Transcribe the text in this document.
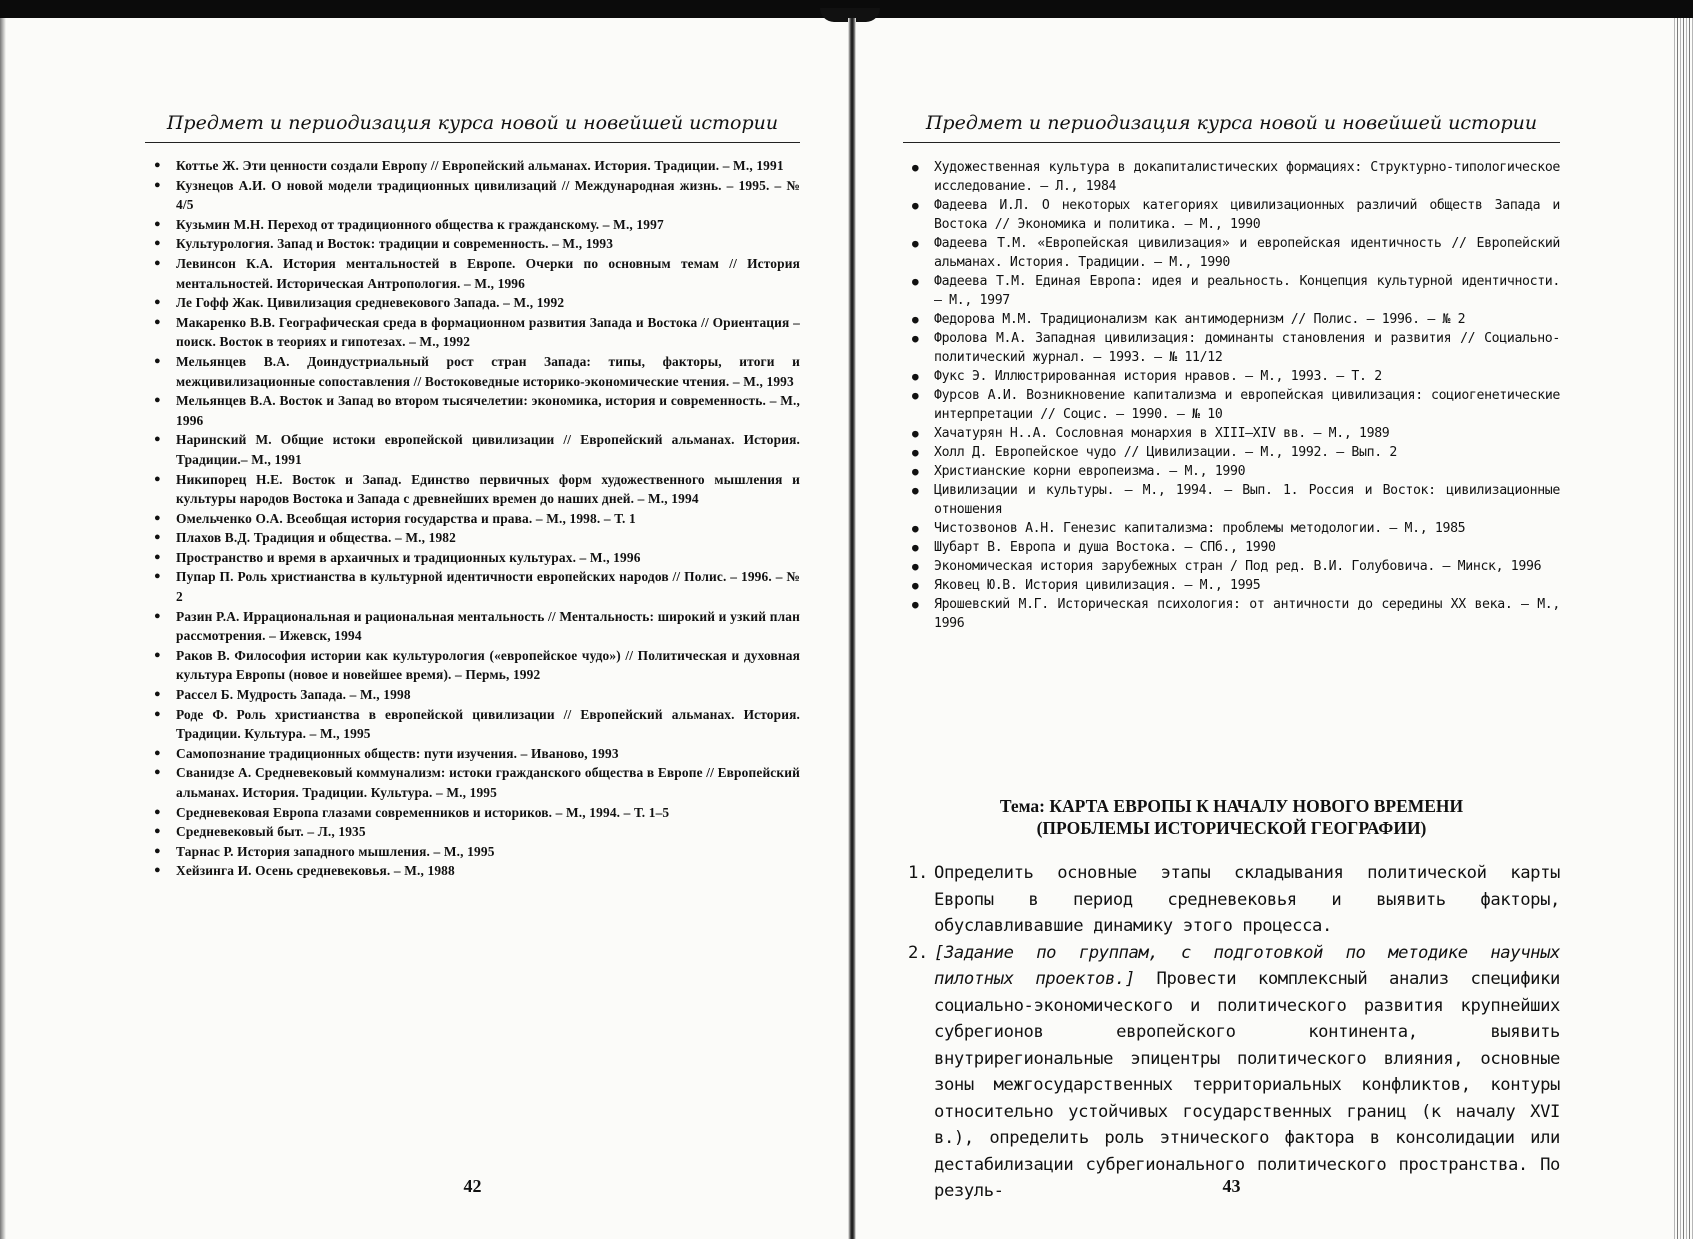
Предмет и периодизация курса новой и новейшей истории
● Коттье Ж. Эти ценности создали Европу // Европейский альманах. История. Традиции. – М., 1991
● Кузнецов А.И. О новой модели традиционных цивилизаций // Международная жизнь. – 1995. – № 4/5
● Кузьмин М.Н. Переход от традиционного общества к гражданскому. – М., 1997
● Культурология. Запад и Восток: традиции и современность. – М., 1993
● Левинсон К.А. История ментальностей в Европе. Очерки по основным темам // История ментальностей. Историческая Антропология. – М., 1996
● Ле Гофф Жак. Цивилизация средневекового Запада. – М., 1992
● Макаренко В.В. Географическая среда в формационном развития Запада и Востока // Ориентация – поиск. Восток в теориях и гипотезах. – М., 1992
● Мельянцев В.А. Доиндустриальный рост стран Запада: типы, факторы, итоги и межцивилизационные сопоставления // Востоковедные историко-экономические чтения. – М., 1993
● Мельянцев В.А. Восток и Запад во втором тысячелетии: экономика, история и современность. – М., 1996
● Наринский М. Общие истоки европейской цивилизации // Европейский альманах. История. Традиции.– М., 1991
● Никипорец Н.Е. Восток и Запад. Единство первичных форм художественного мышления и культуры народов Востока и Запада с древнейших времен до наших дней. – М., 1994
● Омельченко О.А. Всеобщая история государства и права. – М., 1998. – Т. 1
● Плахов В.Д. Традиция и общества. – М., 1982
● Пространство и время в архаичных и традиционных культурах. – М., 1996
● Пупар П. Роль христианства в культурной идентичности европейских народов // Полис. – 1996. – № 2
● Разин Р.А. Иррациональная и рациональная ментальность // Ментальность: широкий и узкий план рассмотрения. – Ижевск, 1994
● Раков В. Философия истории как культурология («европейское чудо») // Политическая и духовная культура Европы (новое и новейшее время). – Пермь, 1992
● Рассел Б. Мудрость Запада. – М., 1998
● Роде Ф. Роль христианства в европейской цивилизации // Европейский альманах. История. Традиции. Культура. – М., 1995
● Самопознание традиционных обществ: пути изучения. – Иваново, 1993
● Сванидзе А. Средневековый коммунализм: истоки гражданского общества в Европе // Европейский альманах. История. Традиции. Культура. – М., 1995
● Средневековая Европа глазами современников и историков. – М., 1994. – Т. 1–5
● Средневековый быт. – Л., 1935
● Тарнас Р. История западного мышления. – М., 1995
● Хейзинга И. Осень средневековья. – М., 1988
42
Предмет и периодизация курса новой и новейшей истории
● Художественная культура в докапиталистических формациях: Структурно-типологическое исследование. – Л., 1984
● Фадеева И.Л. О некоторых категориях цивилизационных различий обществ Запада и Востока // Экономика и политика. – М., 1990
● Фадеева Т.М. «Европейская цивилизация» и европейская идентичность // Европейский альманах. История. Традиции. – М., 1990
● Фадеева Т.М. Единая Европа: идея и реальность. Концепция культурной идентичности. – М., 1997
● Федорова М.М. Традиционализм как антимодернизм // Полис. – 1996. – № 2
● Фролова М.А. Западная цивилизация: доминанты становления и развития // Социально-политический журнал. – 1993. – № 11/12
● Фукс Э. Иллюстрированная история нравов. – М., 1993. – Т. 2
● Фурсов А.И. Возникновение капитализма и европейская цивилизация: социогенетические интерпретации // Социс. – 1990. – № 10
● Хачатурян Н..А. Сословная монархия в XIII–XIV вв. – М., 1989
● Холл Д. Европейское чудо // Цивилизации. – М., 1992. – Вып. 2
● Христианские корни европеизма. – М., 1990
● Цивилизации и культуры. – М., 1994. – Вып. 1. Россия и Восток: цивилизационные отношения
● Чистозвонов А.Н. Генезис капитализма: проблемы методологии. – М., 1985
● Шубарт В. Европа и душа Востока. – СПб., 1990
● Экономическая история зарубежных стран / Под ред. В.И. Голубовича. – Минск, 1996
● Яковец Ю.В. История цивилизация. – М., 1995
● Ярошевский М.Г. Историческая психология: от античности до середины XX века. – М., 1996
Тема: КАРТА ЕВРОПЫ К НАЧАЛУ НОВОГО ВРЕМЕНИ
(ПРОБЛЕМЫ ИСТОРИЧЕСКОЙ ГЕОГРАФИИ)
1. Определить основные этапы складывания политической карты Европы в период средневековья и выявить факторы, обуславливавшие динамику этого процесса.
2. [Задание по группам, с подготовкой по методике научных пилотных проектов.] Провести комплексный анализ специфики социально-экономического и политического развития крупнейших субрегионов европейского континента, выявить внутрирегиональные эпицентры политического влияния, основные зоны межгосударственных территориальных конфликтов, контуры относительно устойчивых государственных границ (к началу XVI в.), определить роль этнического фактора в консолидации или дестабилизации субрегионального политического пространства. По резуль-	43
